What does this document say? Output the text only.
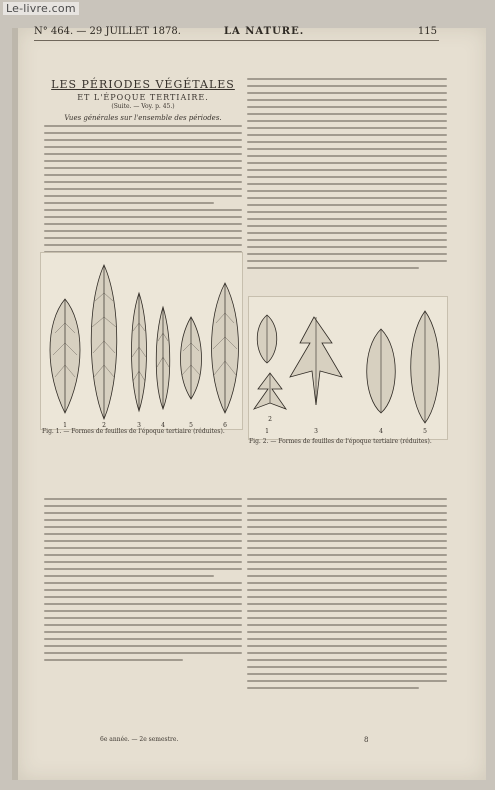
Le-livre.com
N° 464. — 29 JUILLET 1878.	LA NATURE.	115

LES PÉRIODES VÉGÉTALES

ET L'ÉPOQUE TERTIAIRE.

(Suite. — Voy. p. 45.)

Vues générales sur l'ensemble des périodes.

1	2	3	4	5	6
Fig. 1. — Formes de feuilles de l'époque tertiaire (réduites).	1
2
3	4	5
Fig. 2. — Formes de feuilles de l'époque tertiaire (réduites).
6e année. — 2e semestre.	8
